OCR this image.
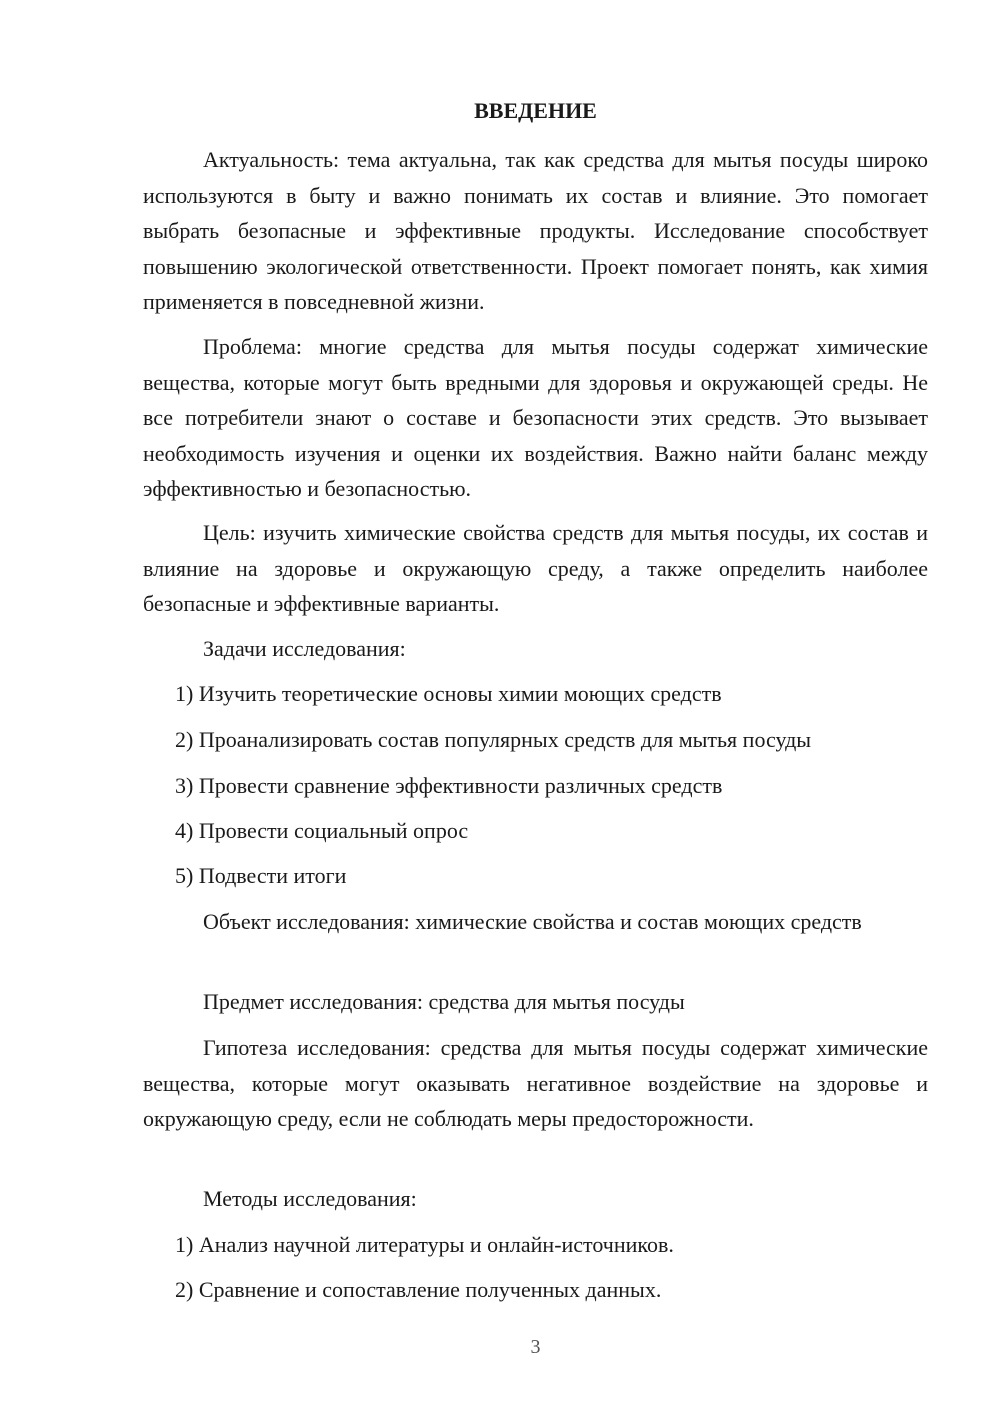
ВВЕДЕНИЕ

Актуальность: тема актуальна, так как средства для мытья посуды широко используются в быту и важно понимать их состав и влияние. Это помогает выбрать безопасные и эффективные продукты. Исследование способствует повышению экологической ответственности. Проект помогает понять, как химия применяется в повседневной жизни.

Проблема: многие средства для мытья посуды содержат химические вещества, которые могут быть вредными для здоровья и окружающей среды. Не все потребители знают о составе и безопасности этих средств. Это вызывает необходимость изучения и оценки их воздействия. Важно найти баланс между эффективностью и безопасностью.

Цель: изучить химические свойства средств для мытья посуды, их состав и влияние на здоровье и окружающую среду, а также определить наиболее безопасные и эффективные варианты.

Задачи исследования:

1) Изучить теоретические основы химии моющих средств

2) Проанализировать состав популярных средств для мытья посуды

3) Провести сравнение эффективности различных средств

4) Провести социальный опрос

5) Подвести итоги

Объект исследования: химические свойства и состав моющих средств

Предмет исследования: средства для мытья посуды

Гипотеза исследования: средства для мытья посуды содержат химические вещества, которые могут оказывать негативное воздействие на здоровье и окружающую среду, если не соблюдать меры предосторожности.

Методы исследования:

1) Анализ научной литературы и онлайн-источников.

2) Сравнение и сопоставление полученных данных.

3
